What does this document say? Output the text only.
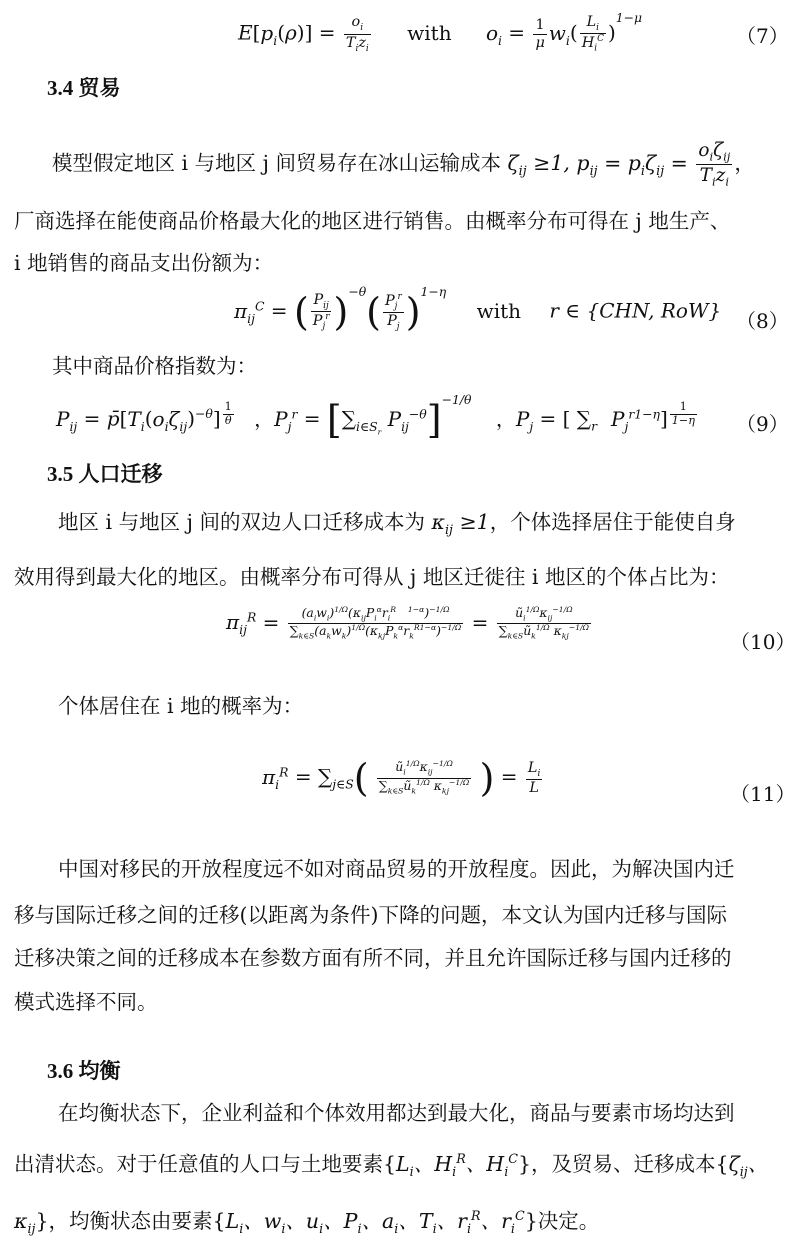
$E[p_i(\rho)] = \frac{o_i}{T_iz_i}$ with $o_i = \frac{1}{\mu} w_i( \frac{L_i}{H_i^C} )^{1-\mu}$
（7）
3.4 贸易
模型假定地区 i 与地区 j 间贸易存在冰山运输成本 $\zeta_{ij} \ge 1$, $p_{ij} = p_i\zeta_{ij} = \frac{o_i\zeta_{ij}}{T_iz_i}$ ，
厂商选择在能使商品价格最大化的地区进行销售。由概率分布可得在 j 地生产、
i 地销售的商品支出份额为：
$\pi_{ij}^C$ = ( $\frac{P_{ij}}{P_j^r} )^{-\theta}( \frac{P_j^r}{P_j} )^{1-\eta}$ with r ∈ {CHN, RoW} （8）
其中商品价格指数为：
$P_{ij}$ = $p̄[T_i(o_i\zeta_{ij})^{-\theta}]$ $^{\frac{1}{\theta}}$ ，$P_j^r = [\sum_{i\in S_r}$ $P_{ij}^{-\theta}]^{-1/\theta}$ ，$P_j$ = [ $\sum_r$ $P_j^{r1-\eta}$] $^{\frac{1}{1-\eta}}$ （9）
3.5 人口迁移
地区 i 与地区 j 间的双边人口迁移成本为 $\kappa_{ij} \ge 1$，个体选择居住于能使自身
效用得到最大化的地区。由概率分布可得从 j 地区迁徙往 i 地区的个体占比为：
$\pi_{ij}^R = \frac{(a_iw_i)^{1/\Omega}(\kappa_{ij}P_i^\alpha r_i^R ^{1-\alpha})^{-1/\Omega}}{\sum_{k\in S}(a_kw_k)^{1/\Omega}(\kappa_{kj}P_k^\alpha r_k^{R1-\alpha})^{-1/\Omega}} = \frac{ũ_i^{1/\Omega}\kappa_{ij}^{-1/\Omega}}{\sum_{k\in S}ũ_k^{1/\Omega} \kappa_{kj}^{-1/\Omega}}$
（10）
个体居住在 i 地的概率为：
$\pi_i^R = \sum_{j\in S}( \frac{ũ_i^{1/\Omega}\kappa_{ij}^{-1/\Omega}}{\sum_{k\in S}ũ_k^{1/\Omega} \kappa_{kj}^{-1/\Omega}}$ ) = $\frac{L_i}{L}$	（11）
中国对移民的开放程度远不如对商品贸易的开放程度。因此，为解决国内迁
移与国际迁移之间的迁移(以距离为条件)下降的问题，本文认为国内迁移与国际
迁移决策之间的迁移成本在参数方面有所不同，并且允许国际迁移与国内迁移的
模式选择不同。
3.6 均衡
在均衡状态下，企业利益和个体效用都达到最大化，商品与要素市场均达到
出清状态。对于任意值的人口与土地要素{$L_i$、$H_i^R$、$H_i^C$}，及贸易、迁移成本{$\zeta_{ij}$、
$\kappa_{ij}$}，均衡状态由要素{$L_i$、$w_i$、$u_i$、$P_i$、$a_i$、$T_i$、$r_i^R$、$r_i^C$}决定。
